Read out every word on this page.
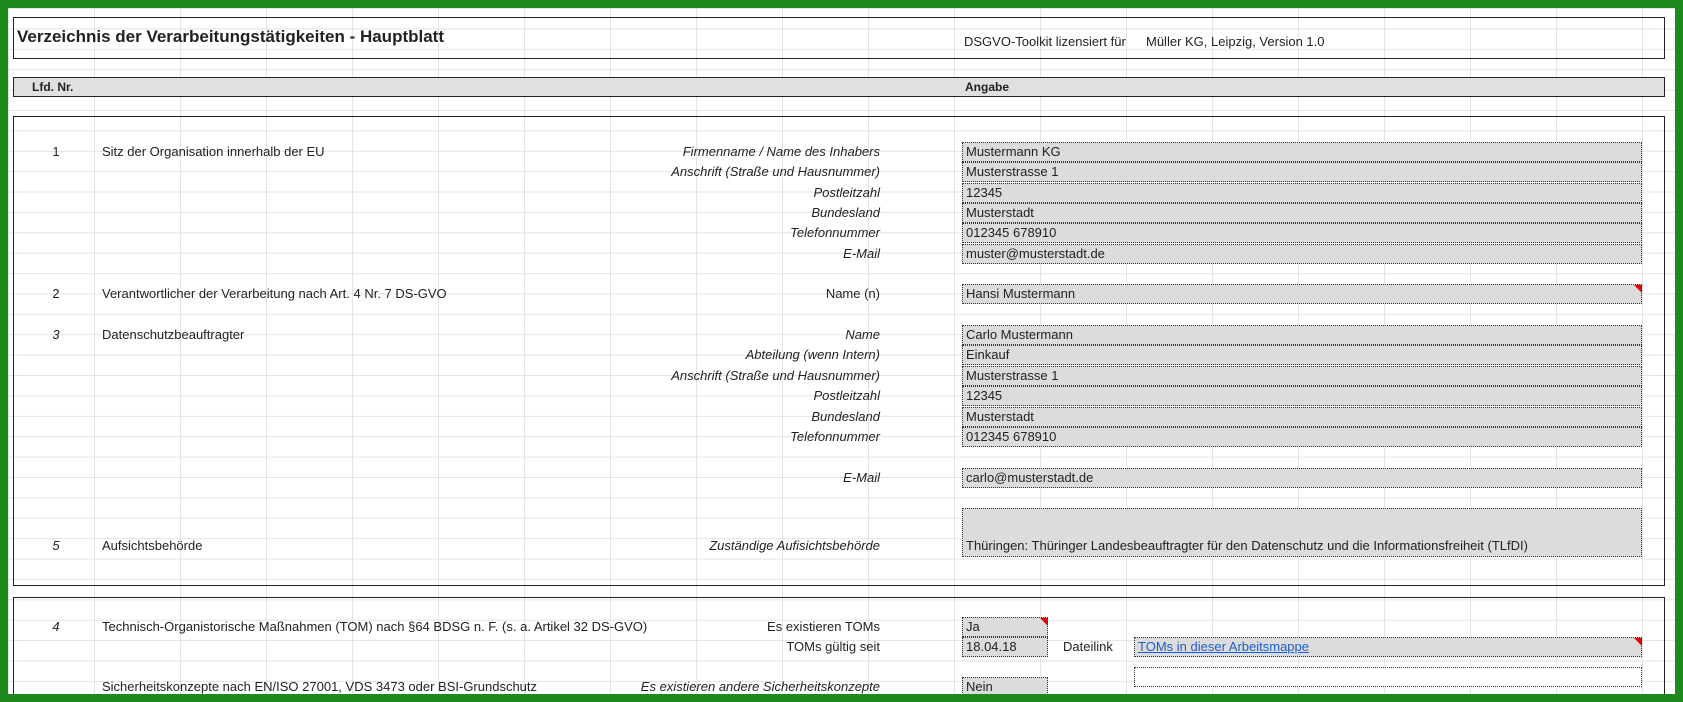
Verzeichnis der Verarbeitungstätigkeiten - Hauptblatt	DSGVO-Toolkit lizensiert für Müller KG, Leipzig, Version 1.0
Lfd. Nr.	Angabe
1	Sitz der Organisation innerhalb der EU	Firmenname / Name des Inhabers	Mustermann KG
Anschrift (Straße und Hausnummer)	Musterstrasse 1
Postleitzahl	12345
Bundesland	Musterstadt
Telefonnummer	012345 678910
E-Mail	muster@musterstadt.de
2	Verantwortlicher der Verarbeitung nach Art. 4 Nr. 7 DS-GVO	Name (n)	Hansi Mustermann
3	Datenschutzbeauftragter	Name	Carlo Mustermann
Abteilung (wenn Intern)	Einkauf
Anschrift (Straße und Hausnummer)	Musterstrasse 1
Postleitzahl	12345
Bundesland	Musterstadt
Telefonnummer	012345 678910
E-Mail	carlo@musterstadt.de
5	Aufsichtsbehörde	Zuständige Aufisichtsbehörde	Thüringen: Thüringer Landesbeauftragter für den Datenschutz und die Informationsfreiheit (TLfDI)
4	Technisch-Organistorische Maßnahmen (TOM) nach §64 BDSG n. F. (s. a. Artikel 32 DS-GVO)	Es existieren TOMs	Ja
TOMs gültig seit	18.04.18	Dateilink	TOMs in dieser Arbeitsmappe
Sicherheitskonzepte nach EN/ISO 27001, VDS 3473 oder BSI-Grundschutz	Es existieren andere Sicherheitskonzepte	Nein
